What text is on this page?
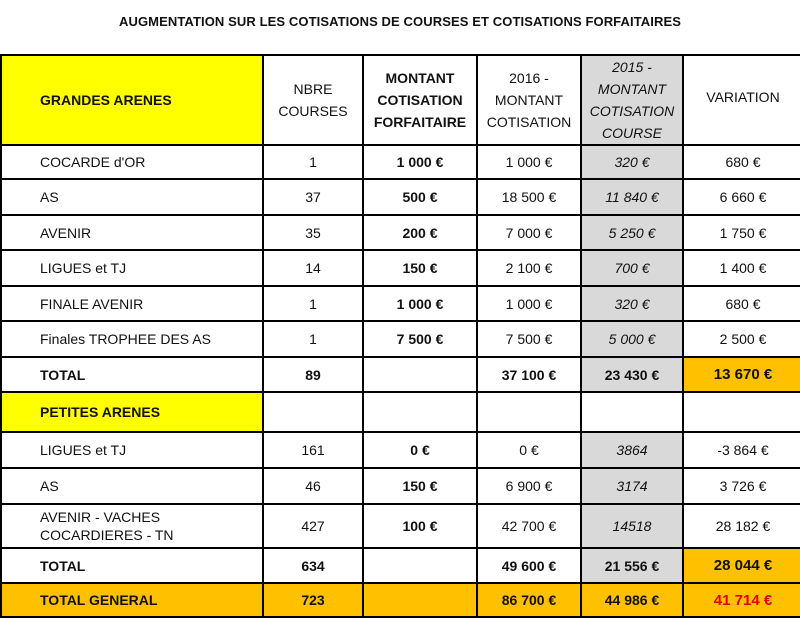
AUGMENTATION SUR LES COTISATIONS DE COURSES ET COTISATIONS FORFAITAIRES
GRANDES ARENES	NBRE COURSES	MONTANT COTISATION FORFAITAIRE	2016 - MONTANT COTISATION	2015 - MONTANT COTISATION COURSE	VARIATION
COCARDE d'OR	1	1 000 €	1 000 €	320 €	680 €
AS	37	500 €	18 500 €	11 840 €	6 660 €
AVENIR	35	200 €	7 000 €	5 250 €	1 750 €
LIGUES et TJ	14	150 €	2 100 €	700 €	1 400 €
FINALE AVENIR	1	1 000 €	1 000 €	320 €	680 €
Finales TROPHEE DES AS	1	7 500 €	7 500 €	5 000 €	2 500 €
TOTAL	89		37 100 €	23 430 €	13 670 €
PETITES ARENES					
LIGUES et TJ	161	0 €	0 €	3864	-3 864 €
AS	46	150 €	6 900 €	3174	3 726 €
AVENIR - VACHES COCARDIERES - TN	427	100 €	42 700 €	14518	28 182 €
TOTAL	634		49 600 €	21 556 €	28 044 €
TOTAL GENERAL	723		86 700 €	44 986 €	41 714 €
